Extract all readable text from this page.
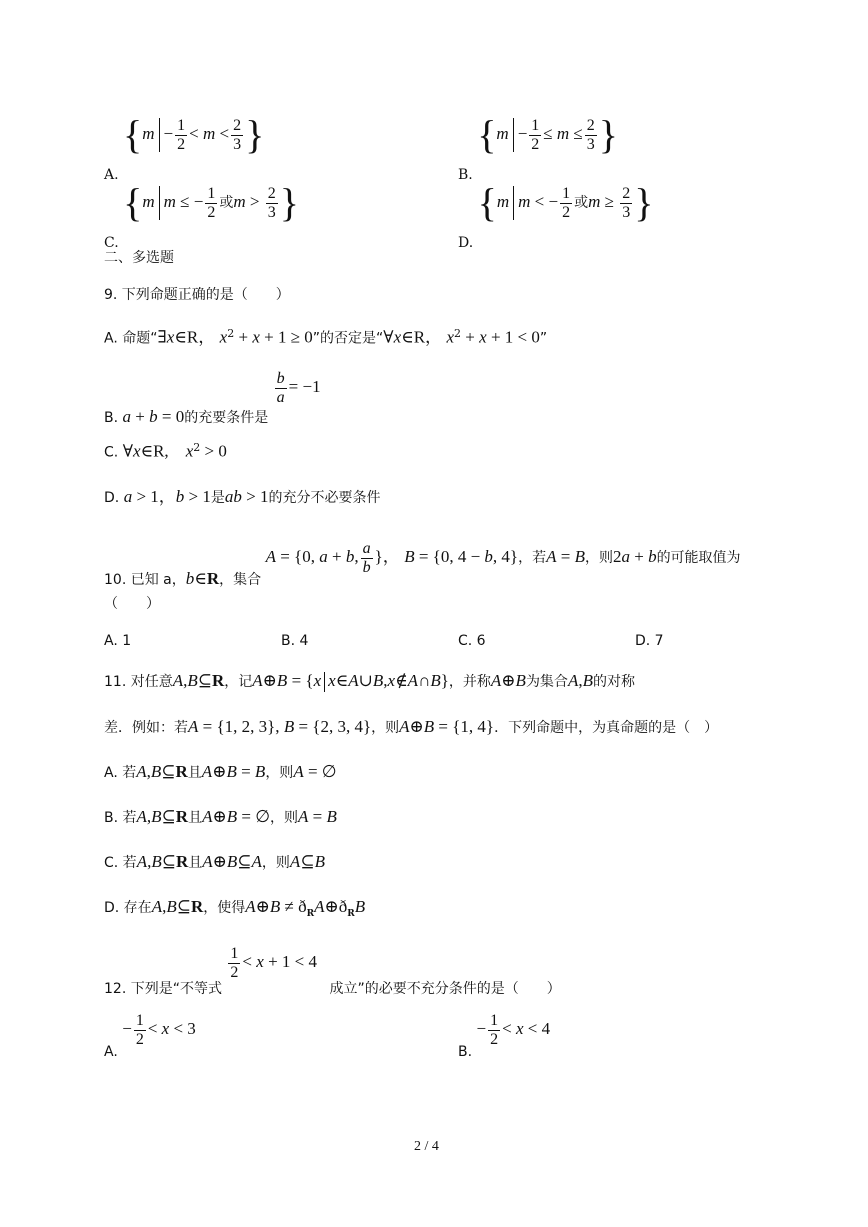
A. {$m - \frac{1}{2} < m < \frac{2}{3}$ }
B. {$m - \frac{1}{2} \le m \le \frac{2}{3}$ }
C. {m m ≤ − $\frac{1}{2}$ 或$m > \frac{2}{3}$ }
D. {m m < − $\frac{1}{2}$ 或$m \ge \frac{2}{3}$ }
二、多选题
9. 下列命题正确的是（　　）
A. 命题“∃x∈R， $x^2 + x + 1 \ge 0$”的否定是“∀x∈R， $x^2 + x + 1 < 0$”
B. a + b = 0的充要条件是
$\frac{b}{a} = -1$
C. ∀x∈R,　$x^2 > 0$
D. a > 1，b > 1是ab > 1的充分不必要条件
10. 已知 a，b∈R，集合 A = {0, a + b, $\frac{a}{b}$ }， B = {0, 4 − b, 4}，若A = B，则2a + b的可能取值为
（　　）
A. 1	B. 4	C. 6	D. 7
11. 对任意A,B⊆R，记A⊕B = {x x∈A∪B,x∉A∩B}，并称A⊕B为集合A,B的对称
差．例如：若A = {1, 2, 3}, B = {2, 3, 4}，则A⊕B = {1, 4}．下列命题中，为真命题的是（　）
A. 若A,B⊆R且A⊕B = B，则A = ∅
B. 若A,B⊆R且A⊕B = ∅，则A = B
C. 若A,B⊆R且A⊕B⊆A，则A⊆B
D. 存在A,B⊆R，使得A⊕B ≠ $ð_RA\oplus ð_RB$
12. 下列是“不等式
$\frac{1}{2} < x + 1 < 4$ 成立”的必要不充分条件的是（　　）
A. − $\frac{1}{2} < x < 3$
B. − $\frac{1}{2} < x < 4$
2 / 4
